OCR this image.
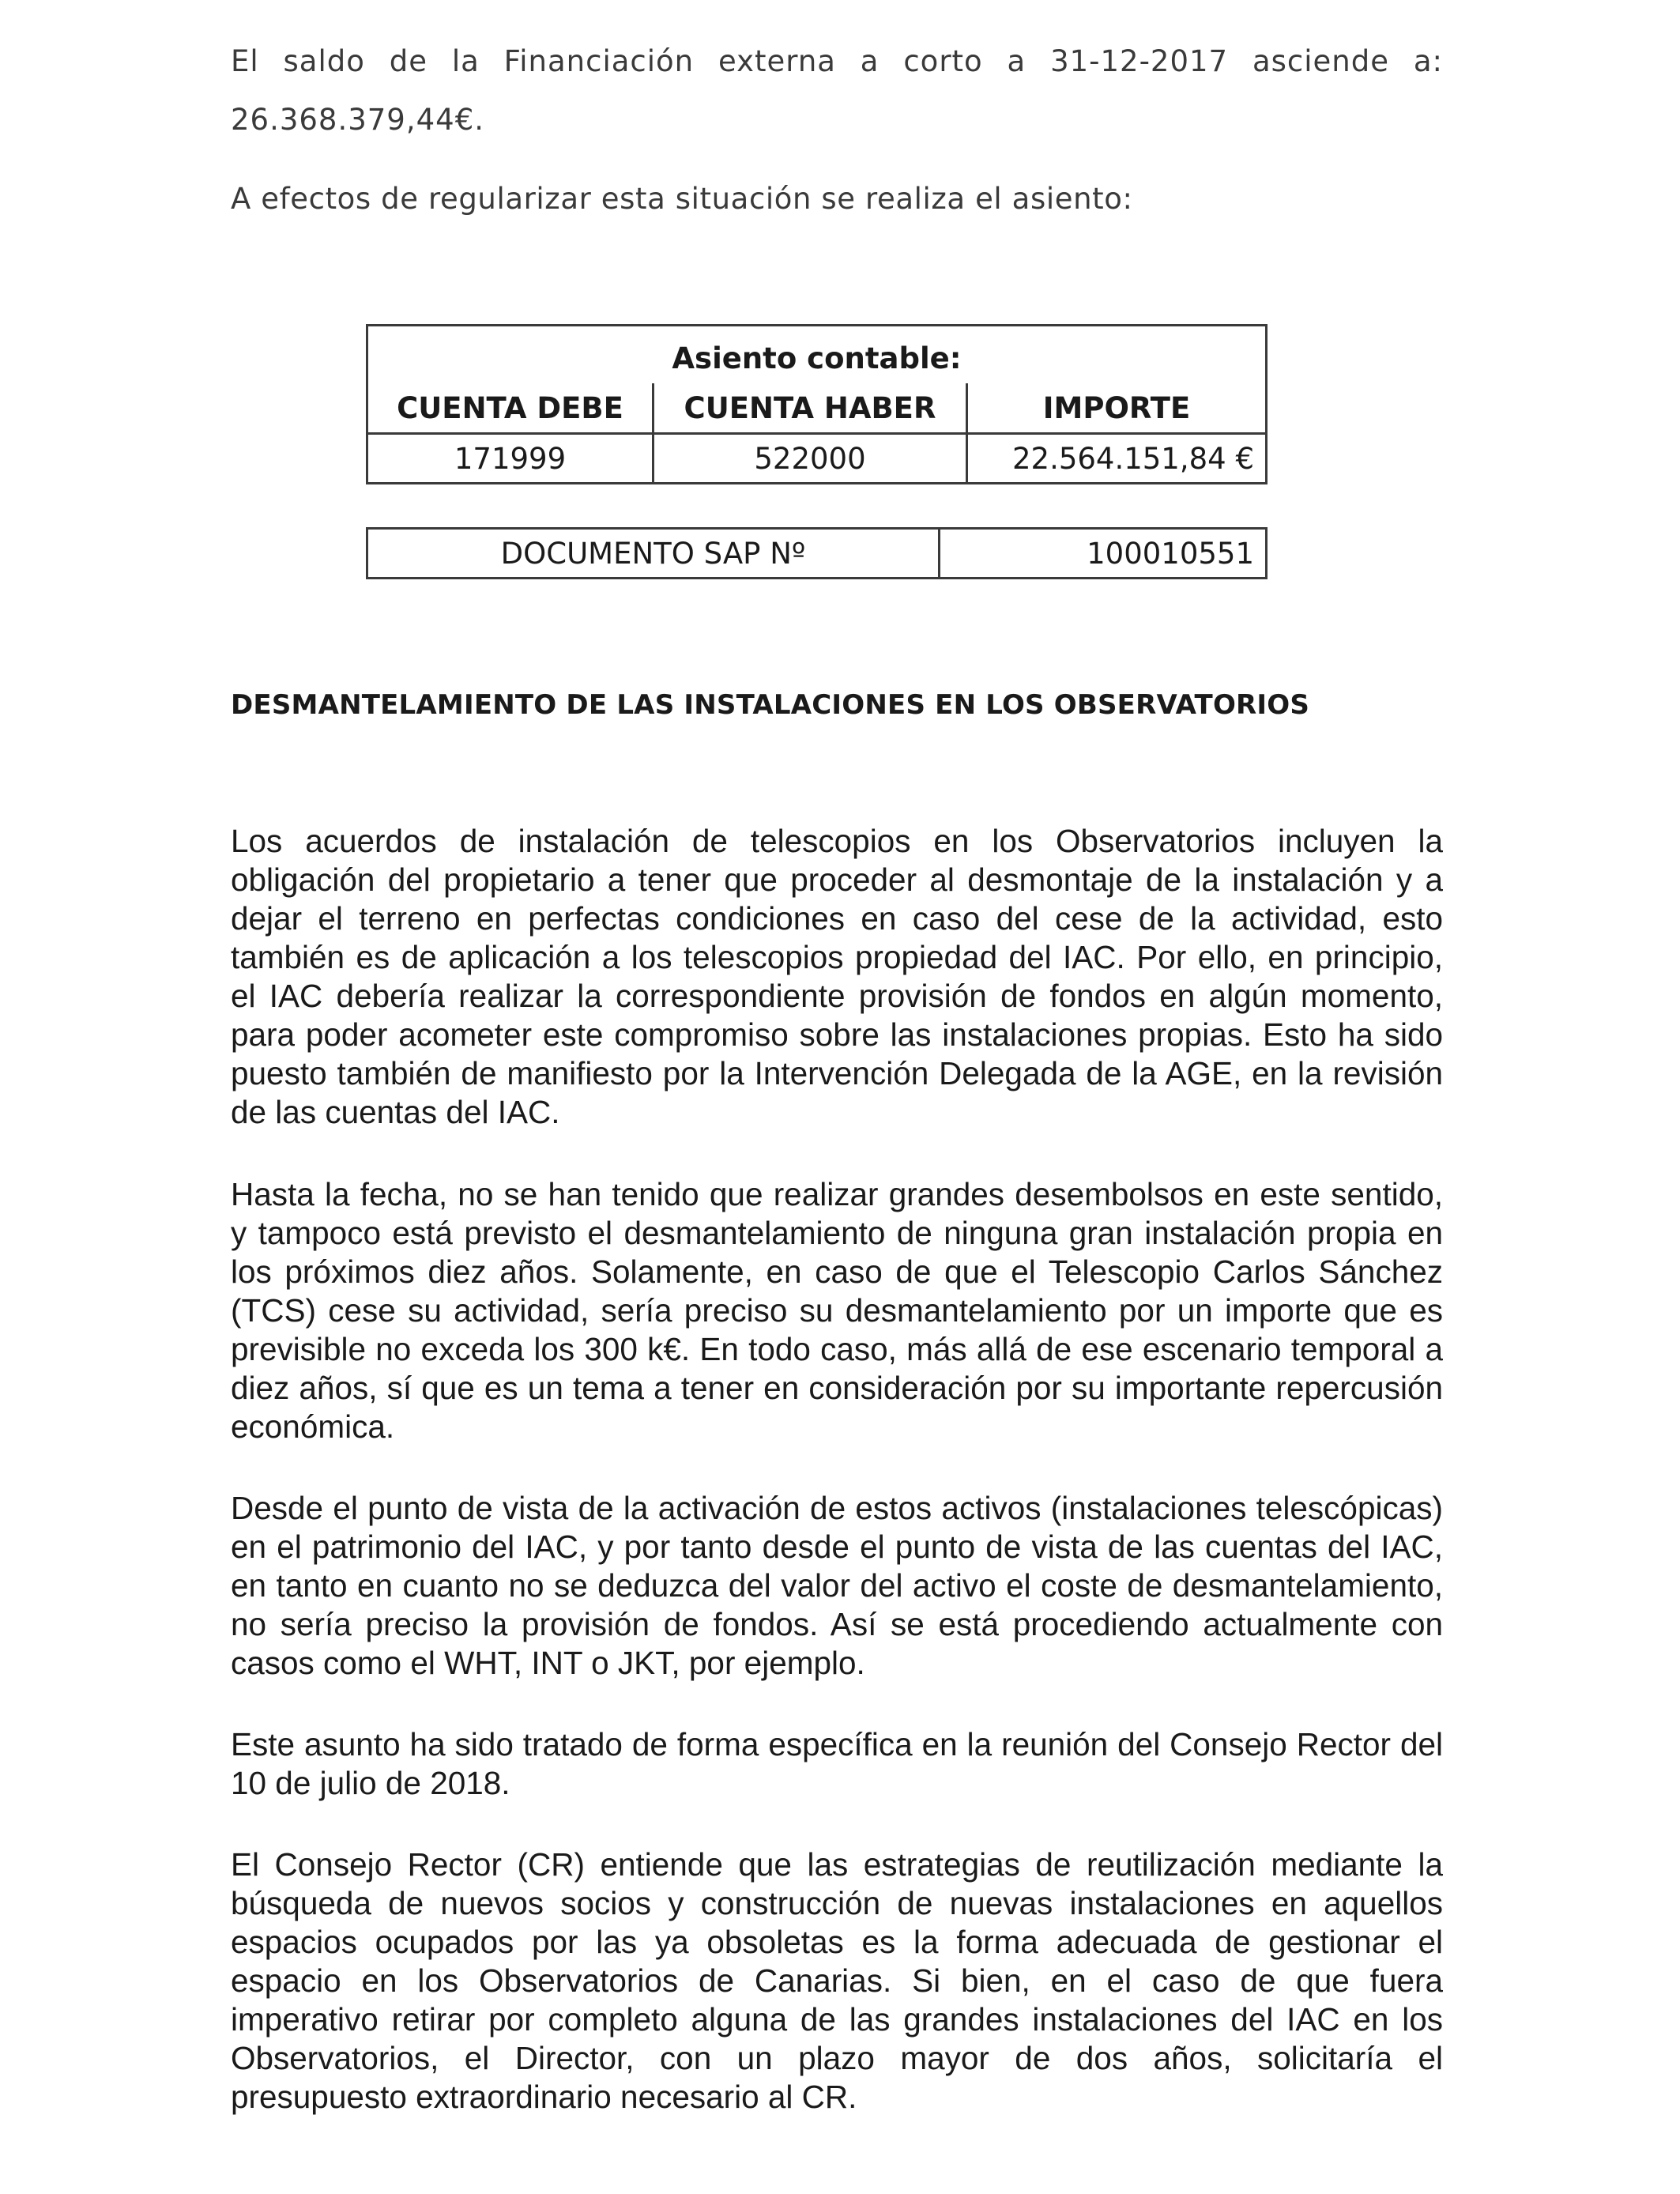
El saldo de la Financiación externa a corto a 31-12-2017 asciende a:
26.368.379,44€.
A efectos de regularizar esta situación se realiza el asiento:
Asiento contable:		
CUENTA DEBE	CUENTA HABER	IMPORTE
171999	522000	22.564.151,84 €
DOCUMENTO SAP Nº	100010551
DESMANTELAMIENTO DE LAS INSTALACIONES EN LOS OBSERVATORIOS

Los acuerdos de instalación de telescopios en los Observatorios incluyen la obligación del propietario a tener que proceder al desmontaje de la instalación y a dejar el terreno en perfectas condiciones en caso del cese de la actividad, esto también es de aplicación a los telescopios propiedad del IAC. Por ello, en principio, el IAC debería realizar la correspondiente provisión de fondos en algún momento, para poder acometer este compromiso sobre las instalaciones propias. Esto ha sido puesto también de manifiesto por la Intervención Delegada de la AGE, en la revisión de las cuentas del IAC.

Hasta la fecha, no se han tenido que realizar grandes desembolsos en este sentido, y tampoco está previsto el desmantelamiento de ninguna gran instalación propia en los próximos diez años. Solamente, en caso de que el Telescopio Carlos Sánchez (TCS) cese su actividad, sería preciso su desmantelamiento por un importe que es previsible no exceda los 300 k€. En todo caso, más allá de ese escenario temporal a diez años, sí que es un tema a tener en consideración por su importante repercusión económica.

Desde el punto de vista de la activación de estos activos (instalaciones telescópicas) en el patrimonio del IAC, y por tanto desde el punto de vista de las cuentas del IAC, en tanto en cuanto no se deduzca del valor del activo el coste de desmantelamiento, no sería preciso la provisión de fondos. Así se está procediendo actualmente con casos como el WHT, INT o JKT, por ejemplo.

Este asunto ha sido tratado de forma específica en la reunión del Consejo Rector del 10 de julio de 2018.

El Consejo Rector (CR) entiende que las estrategias de reutilización mediante la búsqueda de nuevos socios y construcción de nuevas instalaciones en aquellos espacios ocupados por las ya obsoletas es la forma adecuada de gestionar el espacio en los Observatorios de Canarias. Si bien, en el caso de que fuera imperativo retirar por completo alguna de las grandes instalaciones del IAC en los Observatorios, el Director, con un plazo mayor de dos años, solicitaría el presupuesto extraordinario necesario al CR.
